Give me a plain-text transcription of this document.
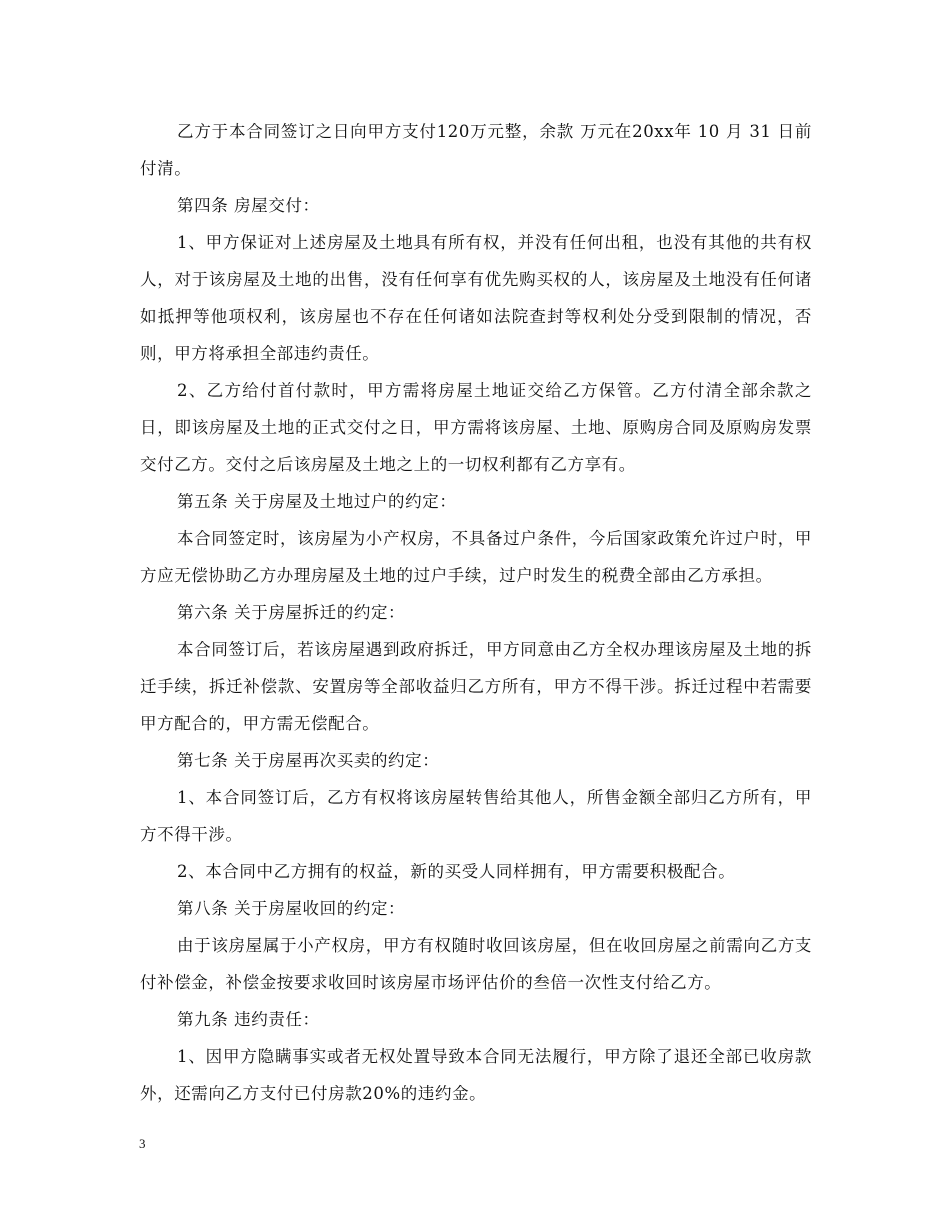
乙方于本合同签订之日向甲方支付120万元整，余款 万元在20xx年 10 月 31 日前付清。

第四条 房屋交付：

1、甲方保证对上述房屋及土地具有所有权，并没有任何出租，也没有其他的共有权人，对于该房屋及土地的出售，没有任何享有优先购买权的人，该房屋及土地没有任何诸如抵押等他项权利，该房屋也不存在任何诸如法院查封等权利处分受到限制的情况，否则，甲方将承担全部违约责任。

2、乙方给付首付款时，甲方需将房屋土地证交给乙方保管。乙方付清全部余款之日，即该房屋及土地的正式交付之日，甲方需将该房屋、土地、原购房合同及原购房发票交付乙方。交付之后该房屋及土地之上的一切权利都有乙方享有。

第五条 关于房屋及土地过户的约定：

本合同签定时，该房屋为小产权房，不具备过户条件，今后国家政策允许过户时，甲方应无偿协助乙方办理房屋及土地的过户手续，过户时发生的税费全部由乙方承担。

第六条 关于房屋拆迁的约定：

本合同签订后，若该房屋遇到政府拆迁，甲方同意由乙方全权办理该房屋及土地的拆迁手续，拆迁补偿款、安置房等全部收益归乙方所有，甲方不得干涉。拆迁过程中若需要甲方配合的，甲方需无偿配合。

第七条 关于房屋再次买卖的约定：

1、本合同签订后，乙方有权将该房屋转售给其他人，所售金额全部归乙方所有，甲方不得干涉。

2、本合同中乙方拥有的权益，新的买受人同样拥有，甲方需要积极配合。

第八条 关于房屋收回的约定：

由于该房屋属于小产权房，甲方有权随时收回该房屋，但在收回房屋之前需向乙方支付补偿金，补偿金按要求收回时该房屋市场评估价的叁倍一次性支付给乙方。

第九条 违约责任：

1、因甲方隐瞒事实或者无权处置导致本合同无法履行，甲方除了退还全部已收房款外，还需向乙方支付已付房款20%的违约金。

3
